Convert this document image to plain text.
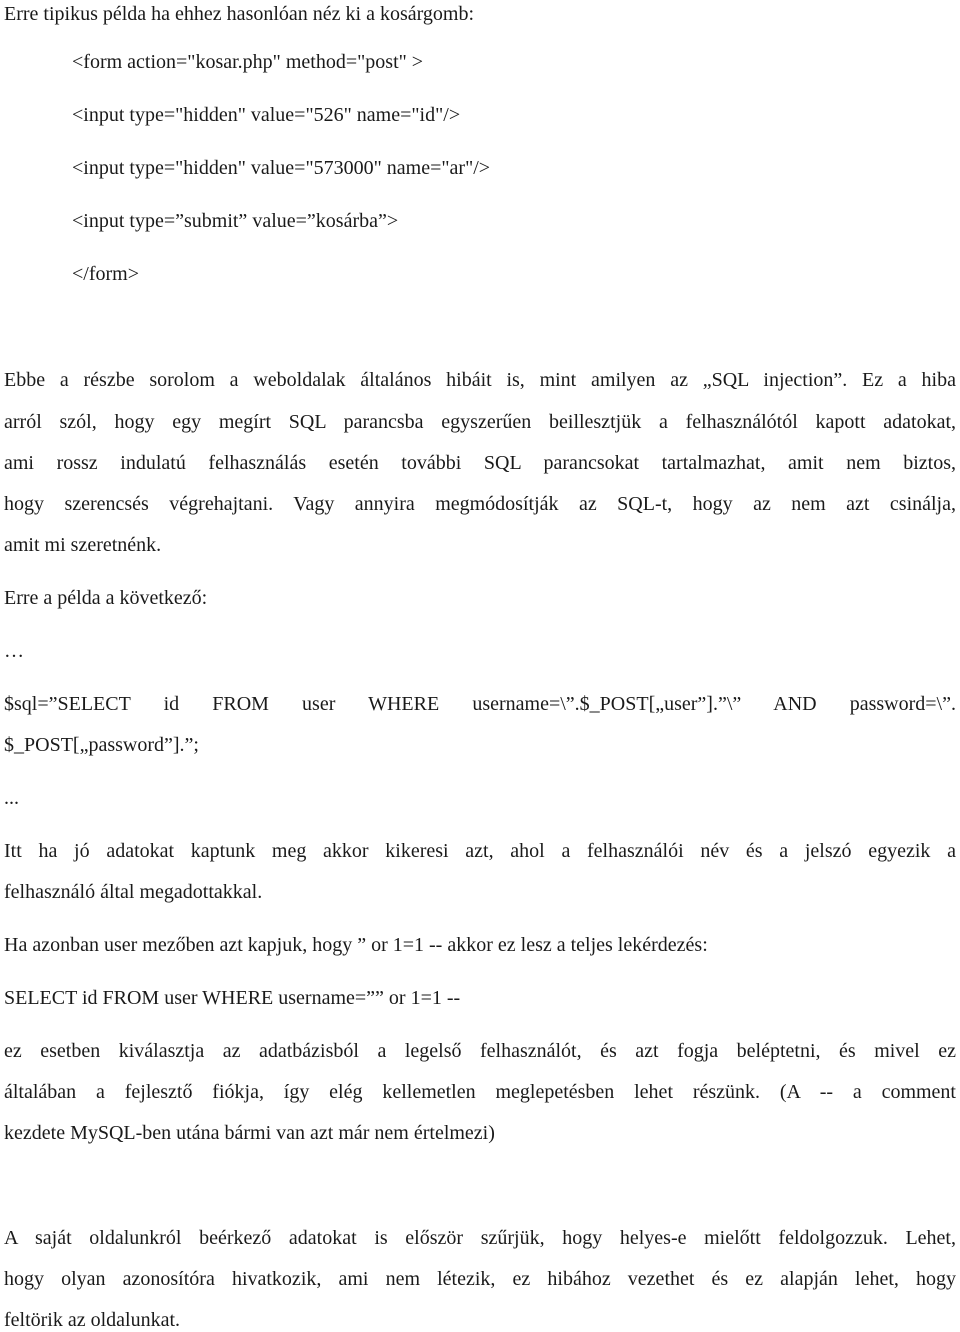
Erre tipikus példa ha ehhez hasonlóan néz ki a kosárgomb:
<form action="kosar.php" method="post" >
<input type="hidden" value="526" name="id"/>
<input type="hidden" value="573000" name="ar"/>
<input type=”submit” value=”kosárba”>
</form>
Ebbe a részbe sorolom a weboldalak általános hibáit is, mint amilyen az „SQL injection”. Ez a hiba
arról szól, hogy egy megírt SQL parancsba egyszerűen beillesztjük a felhasználótól kapott adatokat,
ami rossz indulatú felhasználás esetén további SQL parancsokat tartalmazhat, amit nem biztos,
hogy szerencsés végrehajtani. Vagy annyira megmódosítják az SQL-t, hogy az nem azt csinálja,
amit mi szeretnénk.
Erre a példa a következő:
…
$sql=”SELECT id FROM user WHERE username=\”.$_POST[„user”].”\” AND password=\”.
$_POST[„password”].”;
...
Itt ha jó adatokat kaptunk meg akkor kikeresi azt, ahol a felhasználói név és a jelszó egyezik a
felhasználó által megadottakkal.
Ha azonban user mezőben azt kapjuk, hogy ” or 1=1 -- akkor ez lesz a teljes lekérdezés:
SELECT id FROM user WHERE username=”” or 1=1 --
ez esetben kiválasztja az adatbázisból a legelső felhasználót, és azt fogja beléptetni, és mivel ez
általában a fejlesztő fiókja, így elég kellemetlen meglepetésben lehet részünk. (A -- a comment
kezdete MySQL-ben utána bármi van azt már nem értelmezi)
A saját oldalunkról beérkező adatokat is először szűrjük, hogy helyes-e mielőtt feldolgozzuk. Lehet,
hogy olyan azonosítóra hivatkozik, ami nem létezik, ez hibához vezethet és ez alapján lehet, hogy
feltörik az oldalunkat.
